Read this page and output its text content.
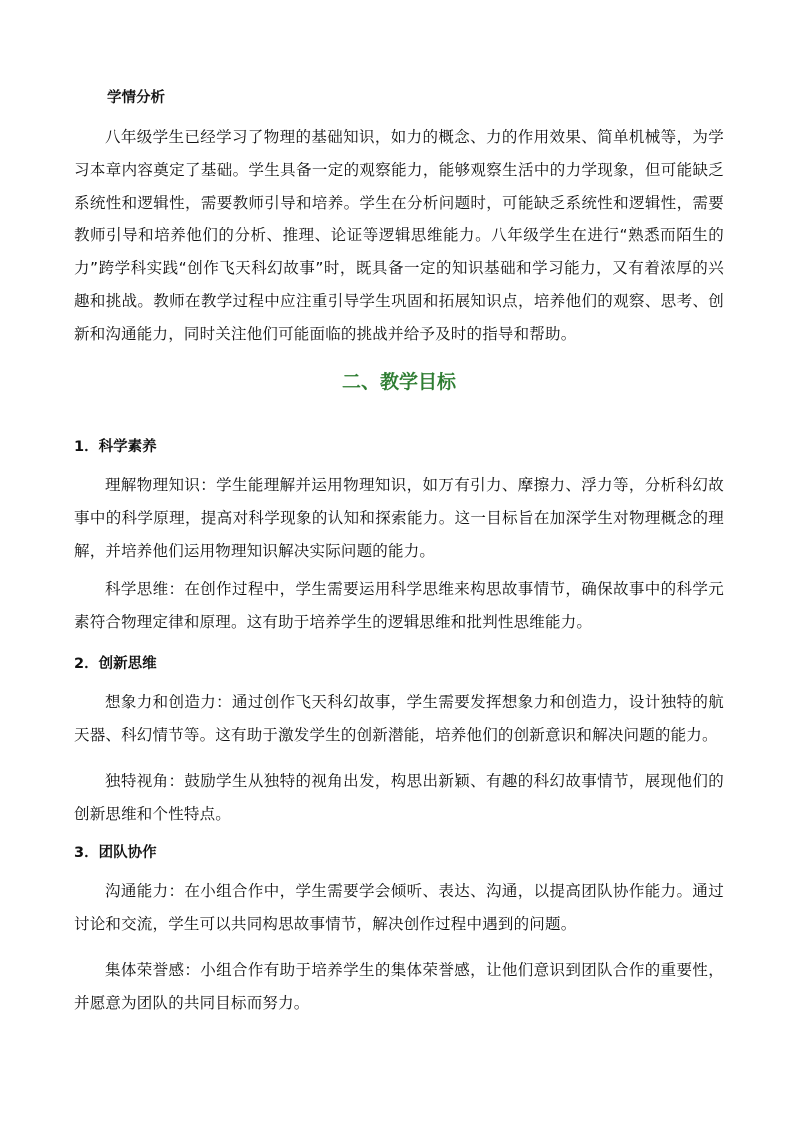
学情分析

八年级学生已经学习了物理的基础知识，如力的概念、力的作用效果、简单机械等，为学习本章内容奠定了基础。学生具备一定的观察能力，能够观察生活中的力学现象，但可能缺乏系统性和逻辑性，需要教师引导和培养。学生在分析问题时，可能缺乏系统性和逻辑性，需要教师引导和培养他们的分析、推理、论证等逻辑思维能力。八年级学生在进行“熟悉而陌生的力”跨学科实践“创作飞天科幻故事”时，既具备一定的知识基础和学习能力，又有着浓厚的兴趣和挑战。教师在教学过程中应注重引导学生巩固和拓展知识点，培养他们的观察、思考、创新和沟通能力，同时关注他们可能面临的挑战并给予及时的指导和帮助。

二、教学目标
1．科学素养

理解物理知识：学生能理解并运用物理知识，如万有引力、摩擦力、浮力等，分析科幻故事中的科学原理，提高对科学现象的认知和探索能力。这一目标旨在加深学生对物理概念的理解，并培养他们运用物理知识解决实际问题的能力。

科学思维：在创作过程中，学生需要运用科学思维来构思故事情节，确保故事中的科学元素符合物理定律和原理。这有助于培养学生的逻辑思维和批判性思维能力。

2．创新思维

想象力和创造力：通过创作飞天科幻故事，学生需要发挥想象力和创造力，设计独特的航天器、科幻情节等。这有助于激发学生的创新潜能，培养他们的创新意识和解决问题的能力。

独特视角：鼓励学生从独特的视角出发，构思出新颖、有趣的科幻故事情节，展现他们的创新思维和个性特点。

3．团队协作

沟通能力：在小组合作中，学生需要学会倾听、表达、沟通，以提高团队协作能力。通过讨论和交流，学生可以共同构思故事情节，解决创作过程中遇到的问题。

集体荣誉感：小组合作有助于培养学生的集体荣誉感，让他们意识到团队合作的重要性，并愿意为团队的共同目标而努力。
